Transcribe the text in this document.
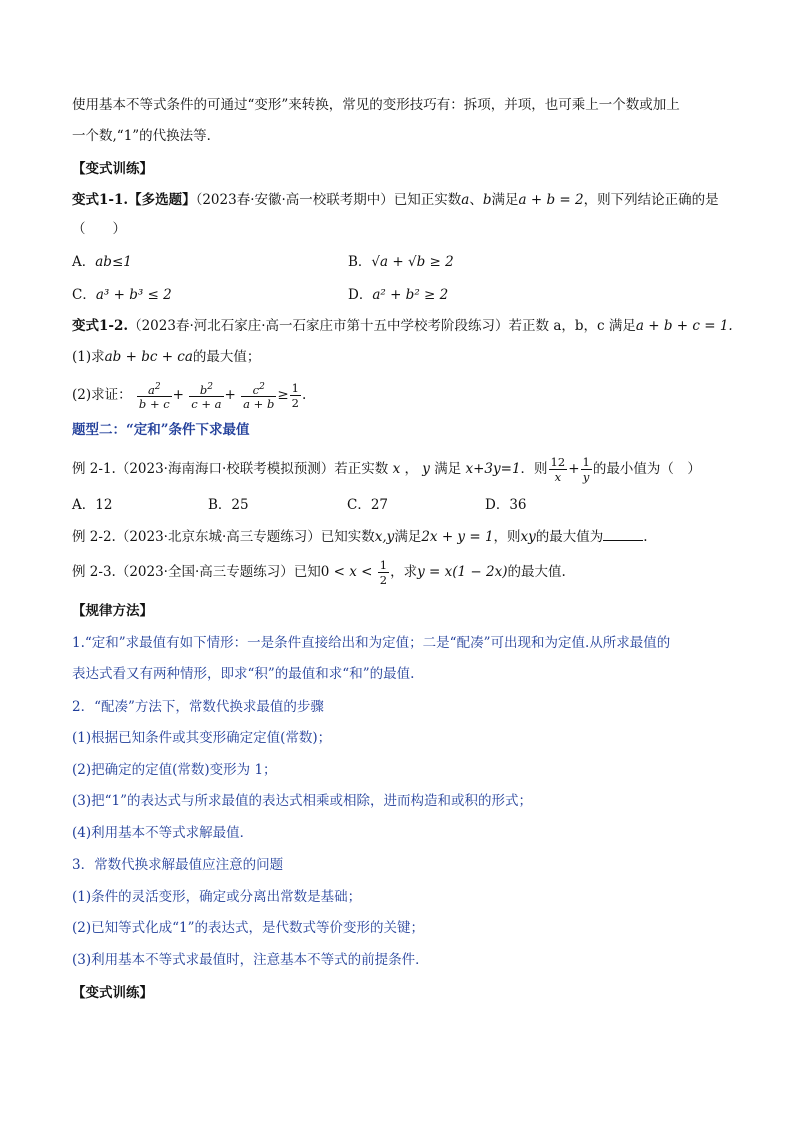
使用基本不等式条件的可通过“变形”来转换，常见的变形技巧有：拆项，并项，也可乘上一个数或加上
一个数,“1”的代换法等．
【变式训练】
变式1-1.【多选题】（2023春·安徽·高一校联考期中）已知正实数a、b满足a + b = 2，则下列结论正确的是
（　　）
A．ab≤1	B．√a + √b ≥ 2
C．a³ + b³ ≤ 2	D．a² + b² ≥ 2
变式1-2.（2023春·河北石家庄·高一石家庄市第十五中学校考阶段练习）若正数 a，b，c 满足a + b + c = 1.
(1)求ab + bc + ca的最大值；
(2)求证： $\frac{a^2}{b + c} + \frac{b^2}{c + a} + \frac{c^2}{a + b} \ge \frac{1}{2}$ .
题型二：“定和”条件下求最值
例 2-1.（2023·海南海口·校联考模拟预测）若正实数 x ， y 满足 x+3y=1．则 $\frac{12}{x} + \frac{1}{y}$ 的最小值为（　）
A．12	B．25	C．27	D．36
例 2-2.（2023·北京东城·高三专题练习）已知实数x,y满足2x + y = 1，则xy的最大值为	.
例 2-3.（2023·全国·高三专题练习）已知$0 < x < \frac{1}{2}$ ，求y = x(1 − 2x)的最大值.
【规律方法】
1.“定和”求最值有如下情形：一是条件直接给出和为定值；二是“配凑”可出现和为定值.从所求最值的
表达式看又有两种情形，即求“积”的最值和求“和”的最值.
2．“配凑”方法下，常数代换求最值的步骤
(1)根据已知条件或其变形确定定值(常数)；
(2)把确定的定值(常数)变形为 1；
(3)把“1”的表达式与所求最值的表达式相乘或相除，进而构造和或积的形式；
(4)利用基本不等式求解最值．
3．常数代换求解最值应注意的问题
(1)条件的灵活变形，确定或分离出常数是基础；
(2)已知等式化成“1”的表达式，是代数式等价变形的关键；
(3)利用基本不等式求最值时，注意基本不等式的前提条件．
【变式训练】
